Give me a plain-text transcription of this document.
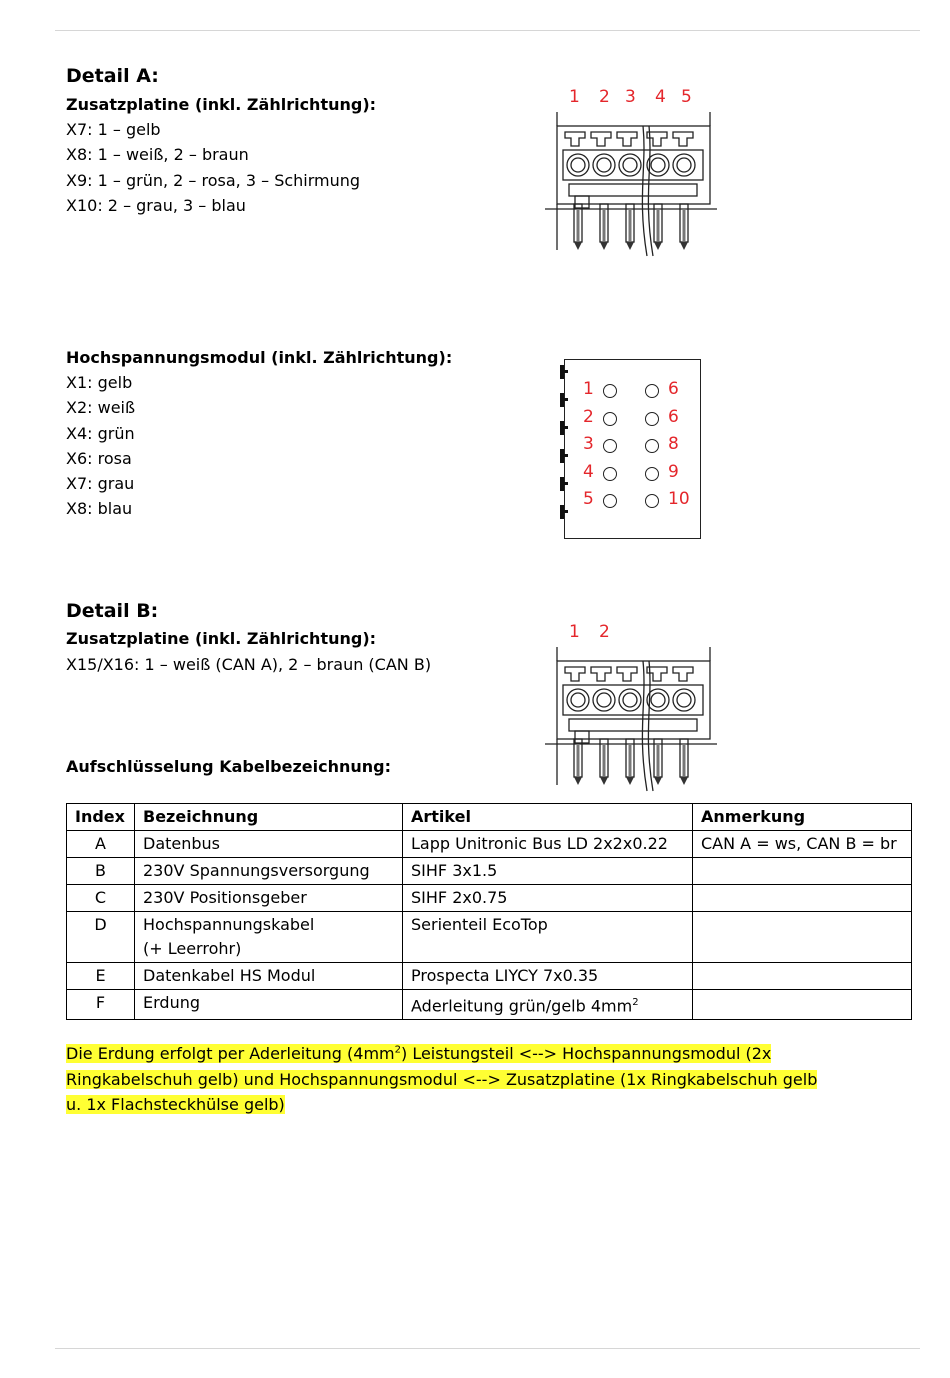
Detail A:
Zusatzplatine (inkl. Zählrichtung):
X7: 1 – gelb
X8: 1 – weiß, 2 – braun
X9: 1 – grün, 2 – rosa, 3 – Schirmung
X10: 2 – grau, 3 – blau
1 2 3 4 5
Hochspannungsmodul (inkl. Zählrichtung):
X1: gelb
X2: weiß
X4: grün
X6: rosa
X7: grau
X8: blau
1	6
2	6
3	8
4	9
5	10
Detail B:
Zusatzplatine (inkl. Zählrichtung):
X15/X16: 1 – weiß (CAN A), 2 – braun (CAN B)
1 2
Aufschlüsselung Kabelbezeichnung:
Index	Bezeichnung	Artikel	Anmerkung
A	Datenbus	Lapp Unitronic Bus LD 2x2x0.22	CAN A = ws, CAN B = br
B	230V Spannungsversorgung	SIHF 3x1.5	
C	230V Positionsgeber	SIHF 2x0.75	
D	Hochspannungskabel (+ Leerrohr)	Serienteil EcoTop	
E	Datenkabel HS Modul	Prospecta LIYCY 7x0.35	
F	Erdung	Aderleitung grün/gelb $4mm^2$	
Die Erdung erfolgt per Aderleitung $(4mm^2)$ Leistungsteil <--> Hochspannungsmodul (2x Ringkabelschuh gelb) und Hochspannungsmodul <--> Zusatzplatine (1x Ringkabelschuh gelb u. 1x Flachsteckhülse gelb)
